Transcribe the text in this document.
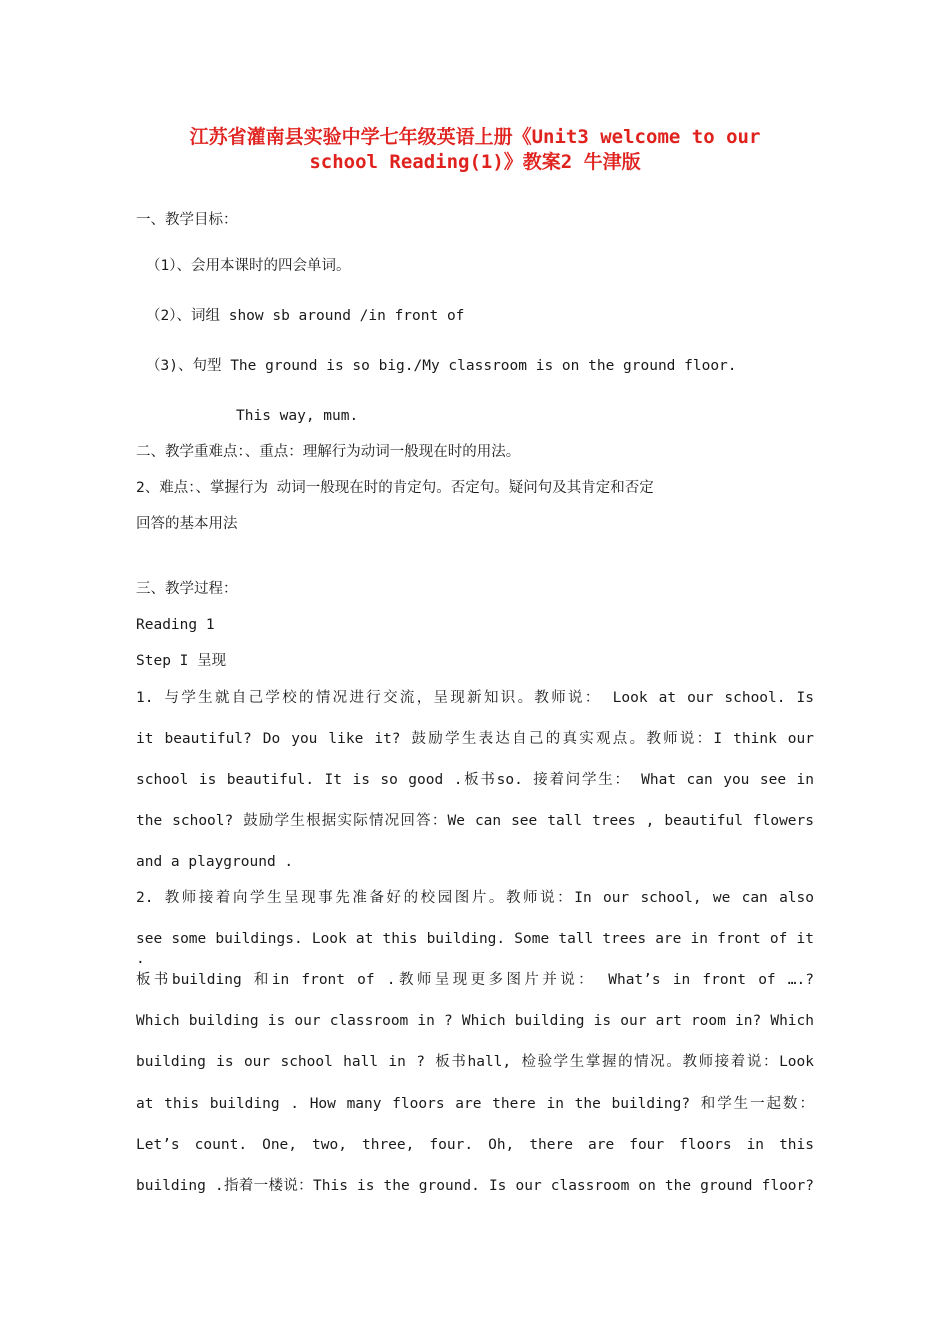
江苏省灌南县实验中学七年级英语上册《Unit3 welcome to our
school Reading(1)》教案2 牛津版
一、教学目标：
（1）、会用本课时的四会单词。
（2）、词组 show sb around /in front of
（3)、句型 The ground is so big./My classroom is on the ground floor.
This way, mum.
二、教学重难点：、重点：理解行为动词一般现在时的用法。
2、难点：、掌握行为 动词一般现在时的肯定句。否定句。疑问句及其肯定和否定
回答的基本用法
三、教学过程：
Reading 1
Step I 呈现
1. 与学生就自己学校的情况进行交流，呈现新知识。教师说： Look at our school. Is
it beautiful? Do you like it? 鼓励学生表达自己的真实观点。教师说：I think our
school is beautiful. It is so good .板书so. 接着问学生： What can you see in
the school? 鼓励学生根据实际情况回答：We can see tall trees , beautiful flowers
and a playground .
2. 教师接着向学生呈现事先准备好的校园图片。教师说：In our school, we can also
see some buildings. Look at this building. Some tall trees are in front of it .
板书building 和in front of .教师呈现更多图片并说： What’s in front of ….?
Which building is our classroom in ? Which building is our art room in? Which
building is our school hall in ? 板书hall, 检验学生掌握的情况。教师接着说：Look
at this building . How many floors are there in the building? 和学生一起数：
Let’s count. One, two, three, four. Oh, there are four floors in this
building .指着一楼说：This is the ground. Is our classroom on the ground floor?
